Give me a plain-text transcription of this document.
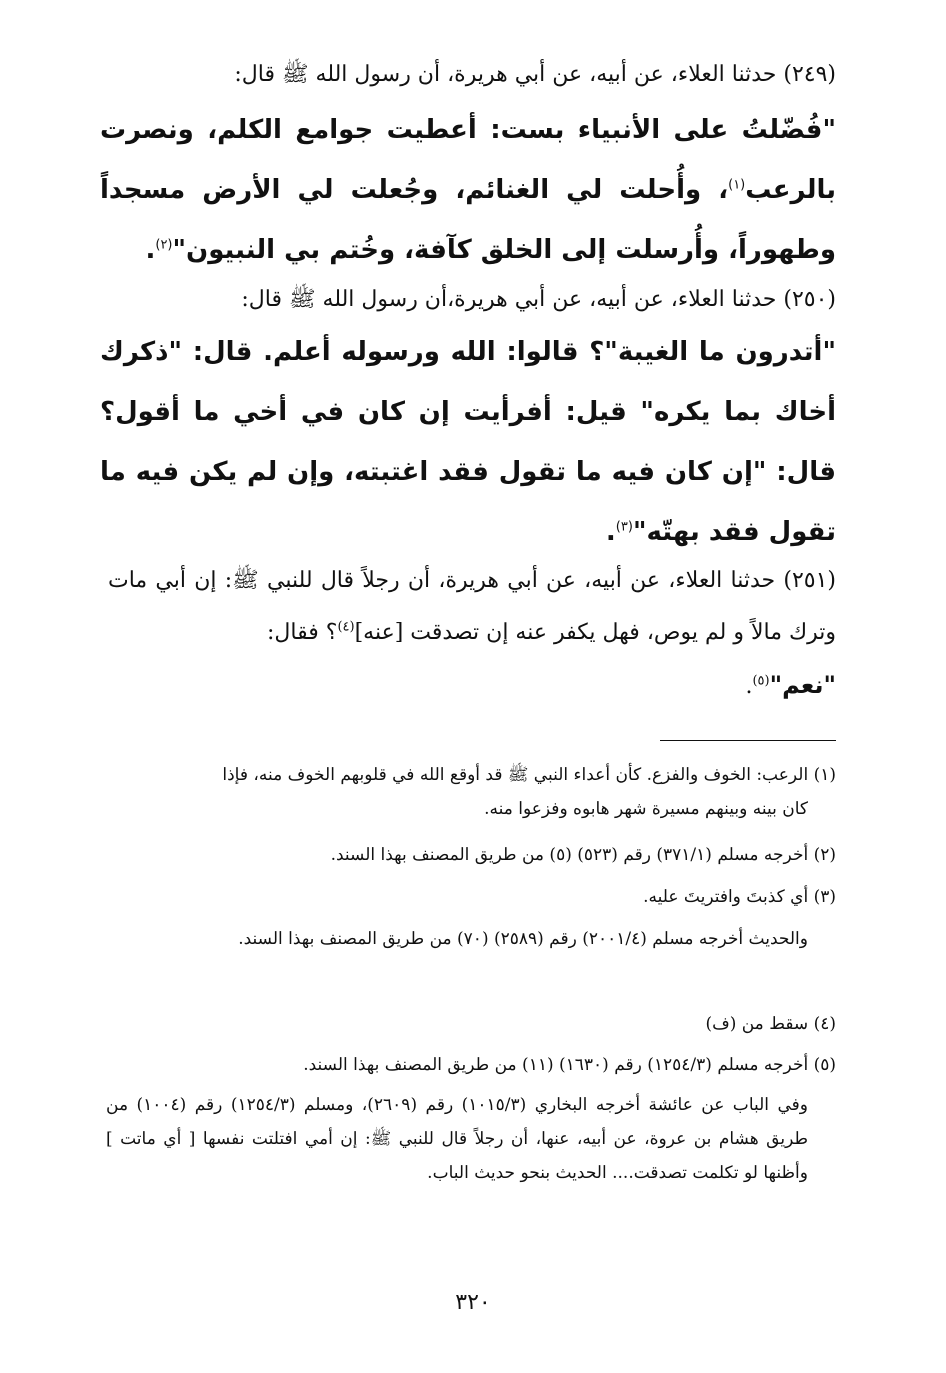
(٢٤٩) حدثنا العلاء، عن أبيه، عن أبي هريرة، أن رسول الله ﷺ قال:
"فُضّلتُ على الأنبياء بست: أعطيت جوامع الكلم، ونصرت بالرعب$^{(١)}$، وأُحلت لي الغنائم، وجُعلت لي الأرض مسجداً وطهوراً، وأُرسلت إلى الخلق كآفة، وخُتم بي النبيون"$^{(٢)}$.
(٢٥٠) حدثنا العلاء، عن أبيه، عن أبي هريرة،أن رسول الله ﷺ قال:
"أتدرون ما الغيبة"؟ قالوا: الله ورسوله أعلم. قال: "ذكرك أخاك بما يكره" قيل: أفرأيت إن كان في أخي ما أقول؟ قال: "إن كان فيه ما تقول فقد اغتبته، وإن لم يكن فيه ما تقول فقد بهتّه"$^{(٣)}$.
(٢٥١) حدثنا العلاء، عن أبيه، عن أبي هريرة، أن رجلاً قال للنبي ﷺ: إن أبي مات وترك مالاً و لم يوص، فهل يكفر عنه إن تصدقت [عنه]$^{(٤)}$؟ فقال:
"نعم"$^{(٥)}$.
(١) الرعب: الخوف والفزع. كأن أعداء النبي ﷺ قد أوقع الله في قلوبهم الخوف منه، فإذا
كان بينه وبينهم مسيرة شهر هابوه وفزعوا منه.
(٢) أخرجه مسلم (٣٧١/١) رقم (٥٢٣) (٥) من طريق المصنف بهذا السند.
(٣) أي كذبتَ وافتريتَ عليه.
والحديث أخرجه مسلم (٢٠٠١/٤) رقم (٢٥٨٩) (٧٠) من طريق المصنف بهذا السند.
(٤) سقط من (ف)
(٥) أخرجه مسلم (١٢٥٤/٣) رقم (١٦٣٠) (١١) من طريق المصنف بهذا السند.
وفي الباب عن عائشة أخرجه البخاري (١٠١٥/٣) رقم (٢٦٠٩)، ومسلم (١٢٥٤/٣) رقم (١٠٠٤) من طريق هشام بن عروة، عن أبيه، عنها، أن رجلاً قال للنبي ﷺ: إن أمي افتلتت نفسها [ أي ماتت ] وأظنها لو تكلمت تصدقت.... الحديث بنحو حديث الباب.
٣٢٠
